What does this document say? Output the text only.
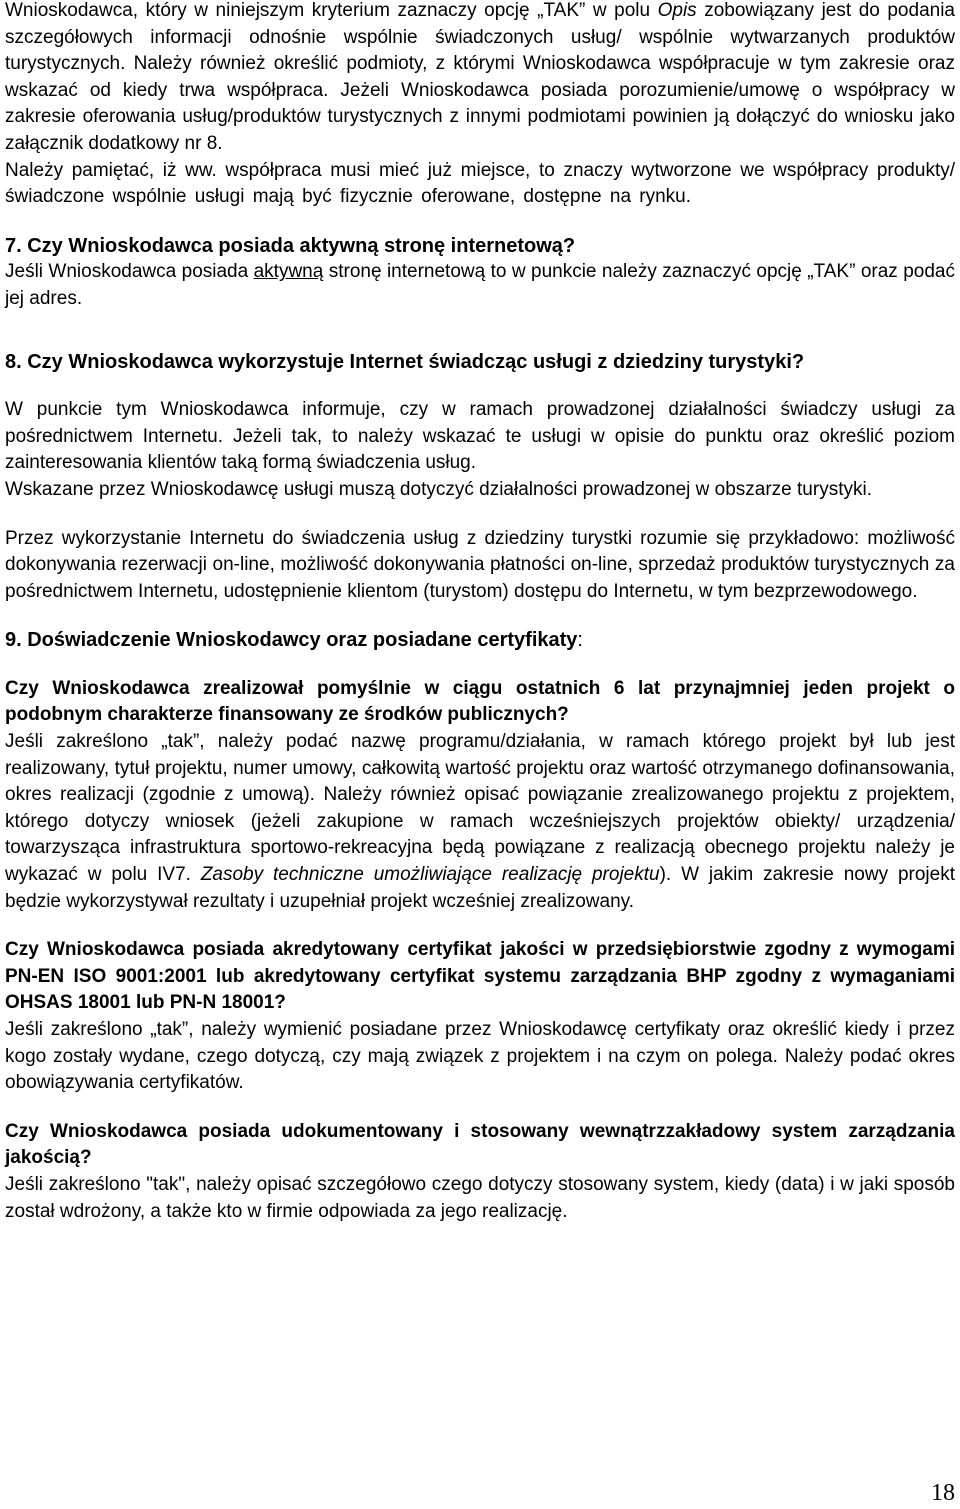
Wnioskodawca, który w niniejszym kryterium zaznaczy opcję „TAK” w polu Opis zobowiązany jest do podania szczegółowych informacji odnośnie wspólnie świadczonych usług/ wspólnie wytwarzanych produktów turystycznych. Należy również określić podmioty, z którymi Wnioskodawca współpracuje w tym zakresie oraz wskazać od kiedy trwa współpraca. Jeżeli Wnioskodawca posiada porozumienie/umowę o współpracy w zakresie oferowania usług/produktów turystycznych z innymi podmiotami powinien ją dołączyć do wniosku jako załącznik dodatkowy nr 8.

Należy pamiętać, iż ww. współpraca musi mieć już miejsce, to znaczy wytworzone we współpracy produkty/ świadczone wspólnie usługi mają być fizycznie oferowane, dostępne na rynku.

7. Czy Wnioskodawca posiada aktywną stronę internetową?

Jeśli Wnioskodawca posiada aktywną stronę internetową to w punkcie należy zaznaczyć opcję „TAK” oraz podać jej adres.

8. Czy Wnioskodawca wykorzystuje Internet świadcząc usługi z dziedziny turystyki?

W punkcie tym Wnioskodawca informuje, czy w ramach prowadzonej działalności świadczy usługi za pośrednictwem Internetu. Jeżeli tak, to należy wskazać te usługi w opisie do punktu oraz określić poziom zainteresowania klientów taką formą świadczenia usług.

Wskazane przez Wnioskodawcę usługi muszą dotyczyć działalności prowadzonej w obszarze turystyki.

Przez wykorzystanie Internetu do świadczenia usług z dziedziny turystki rozumie się przykładowo: możliwość dokonywania rezerwacji on-line, możliwość dokonywania płatności on-line, sprzedaż produktów turystycznych za pośrednictwem Internetu, udostępnienie klientom (turystom) dostępu do Internetu, w tym bezprzewodowego.

9. Doświadczenie Wnioskodawcy oraz posiadane certyfikaty:

Czy Wnioskodawca zrealizował pomyślnie w ciągu ostatnich 6 lat przynajmniej jeden projekt o podobnym charakterze finansowany ze środków publicznych?

Jeśli zakreślono „tak”, należy podać nazwę programu/działania, w ramach którego projekt był lub jest realizowany, tytuł projektu, numer umowy, całkowitą wartość projektu oraz wartość otrzymanego dofinansowania, okres realizacji (zgodnie z umową). Należy również opisać powiązanie zrealizowanego projektu z projektem, którego dotyczy wniosek (jeżeli zakupione w ramach wcześniejszych projektów obiekty/ urządzenia/ towarzysząca infrastruktura sportowo-rekreacyjna będą powiązane z realizacją obecnego projektu należy je wykazać w polu IV7. Zasoby techniczne umożliwiające realizację projektu). W jakim zakresie nowy projekt będzie wykorzystywał rezultaty i uzupełniał projekt wcześniej zrealizowany.

Czy Wnioskodawca posiada akredytowany certyfikat jakości w przedsiębiorstwie zgodny z wymogami PN-EN ISO 9001:2001 lub akredytowany certyfikat systemu zarządzania BHP zgodny z wymaganiami OHSAS 18001 lub PN-N 18001?

Jeśli zakreślono „tak”, należy wymienić posiadane przez Wnioskodawcę certyfikaty oraz określić kiedy i przez kogo zostały wydane, czego dotyczą, czy mają związek z projektem i na czym on polega. Należy podać okres obowiązywania certyfikatów.

Czy Wnioskodawca posiada udokumentowany i stosowany wewnątrzzakładowy system zarządzania jakością?

Jeśli zakreślono "tak", należy opisać szczegółowo czego dotyczy stosowany system, kiedy (data) i w jaki sposób został wdrożony, a także kto w firmie odpowiada za jego realizację.

18
